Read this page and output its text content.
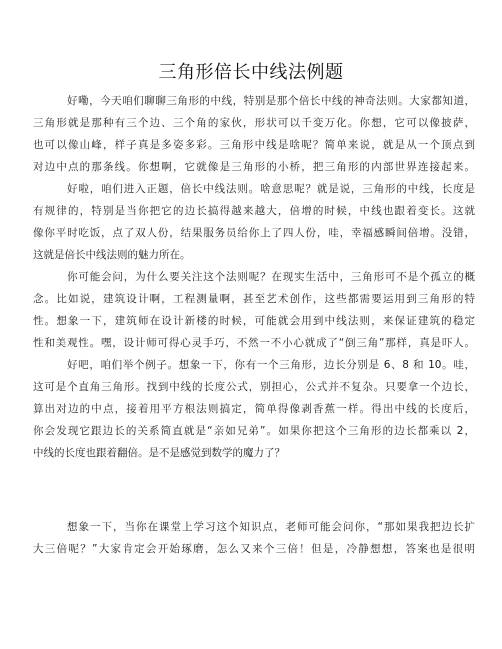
三角形倍长中线法例题
好嘞，今天咱们聊聊三角形的中线，特别是那个倍长中线的神奇法则。大家都知道，
三角形就是那种有三个边、三个角的家伙，形状可以千变万化。你想，它可以像披萨，
也可以像山峰，样子真是多姿多彩。三角形中线是啥呢？简单来说，就是从一个顶点到
对边中点的那条线。你想啊，它就像是三角形的小桥，把三角形的内部世界连接起来。
好啦，咱们进入正题，倍长中线法则。啥意思呢？就是说，三角形的中线，长度是
有规律的，特别是当你把它的边长搞得越来越大，倍增的时候，中线也跟着变长。这就
像你平时吃饭，点了双人份，结果服务员给你上了四人份，哇，幸福感瞬间倍增。没错，
这就是倍长中线法则的魅力所在。
你可能会问，为什么要关注这个法则呢？在现实生活中，三角形可不是个孤立的概
念。比如说，建筑设计啊，工程测量啊，甚至艺术创作，这些都需要运用到三角形的特
性。想象一下，建筑师在设计新楼的时候，可能就会用到中线法则，来保证建筑的稳定
性和美观性。嘿，设计师可得心灵手巧，不然一不小心就成了“倒三角”那样，真是吓人。
好吧，咱们举个例子。想象一下，你有一个三角形，边长分别是 6、8 和 10。哇，
这可是个直角三角形。找到中线的长度公式，别担心，公式并不复杂。只要拿一个边长，
算出对边的中点，接着用平方根法则搞定，简单得像剥香蕉一样。得出中线的长度后，
你会发现它跟边长的关系简直就是“亲如兄弟”。如果你把这个三角形的边长都乘以 2，
中线的长度也跟着翻倍。是不是感觉到数学的魔力了？
想象一下，当你在课堂上学习这个知识点，老师可能会问你，“那如果我把边长扩
大三倍呢？”大家肯定会开始琢磨，怎么又来个三倍！但是，冷静想想，答案也是很明
